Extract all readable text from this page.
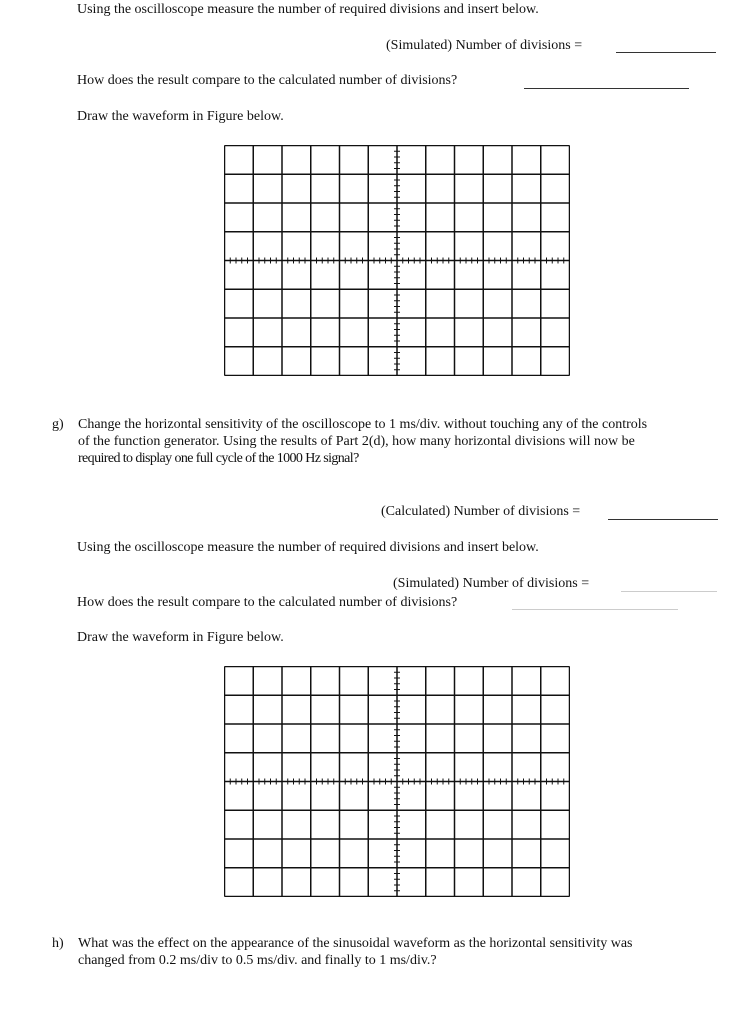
Using the oscilloscope measure the number of required divisions and insert below.
(Simulated) Number of divisions =
How does the result compare to the calculated number of divisions?
Draw the waveform in Figure below.
g) Change the horizontal sensitivity of the oscilloscope to 1 ms/div. without touching any of the controls
of the function generator. Using the results of Part 2(d), how many horizontal divisions will now be
required to display one full cycle of the 1000 Hz signal?
(Calculated) Number of divisions =
Using the oscilloscope measure the number of required divisions and insert below.
(Simulated) Number of divisions =
How does the result compare to the calculated number of divisions?
Draw the waveform in Figure below.
h) What was the effect on the appearance of the sinusoidal waveform as the horizontal sensitivity was
changed from 0.2 ms/div to 0.5 ms/div. and finally to 1 ms/div.?
